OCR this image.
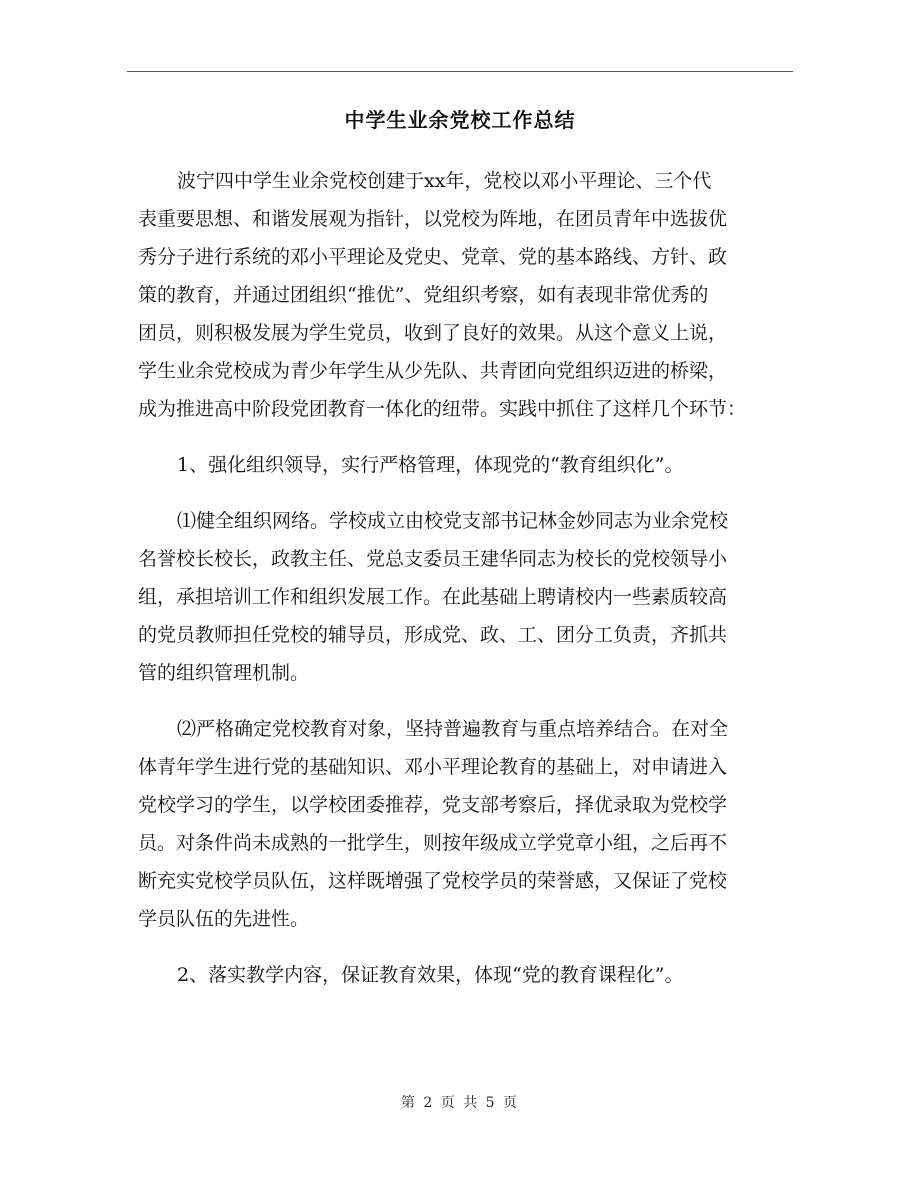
中学生业余党校工作总结
波宁四中学生业余党校创建于xx年，党校以邓小平理论、三个代
表重要思想、和谐发展观为指针，以党校为阵地，在团员青年中选拔优
秀分子进行系统的邓小平理论及党史、党章、党的基本路线、方针、政
策的教育，并通过团组织“推优”、党组织考察，如有表现非常优秀的
团员，则积极发展为学生党员，收到了良好的效果。从这个意义上说，
学生业余党校成为青少年学生从少先队、共青团向党组织迈进的桥梁，
成为推进高中阶段党团教育一体化的纽带。实践中抓住了这样几个环节：
1、强化组织领导，实行严格管理，体现党的“教育组织化”。
⑴健全组织网络。学校成立由校党支部书记林金妙同志为业余党校
名誉校长校长，政教主任、党总支委员王建华同志为校长的党校领导小
组，承担培训工作和组织发展工作。在此基础上聘请校内一些素质较高
的党员教师担任党校的辅导员，形成党、政、工、团分工负责，齐抓共
管的组织管理机制。
⑵严格确定党校教育对象，坚持普遍教育与重点培养结合。在对全
体青年学生进行党的基础知识、邓小平理论教育的基础上，对申请进入
党校学习的学生，以学校团委推荐，党支部考察后，择优录取为党校学
员。对条件尚未成熟的一批学生，则按年级成立学党章小组，之后再不
断充实党校学员队伍，这样既增强了党校学员的荣誉感，又保证了党校
学员队伍的先进性。
2、落实教学内容，保证教育效果，体现“党的教育课程化”。
第 2 页 共 5 页
